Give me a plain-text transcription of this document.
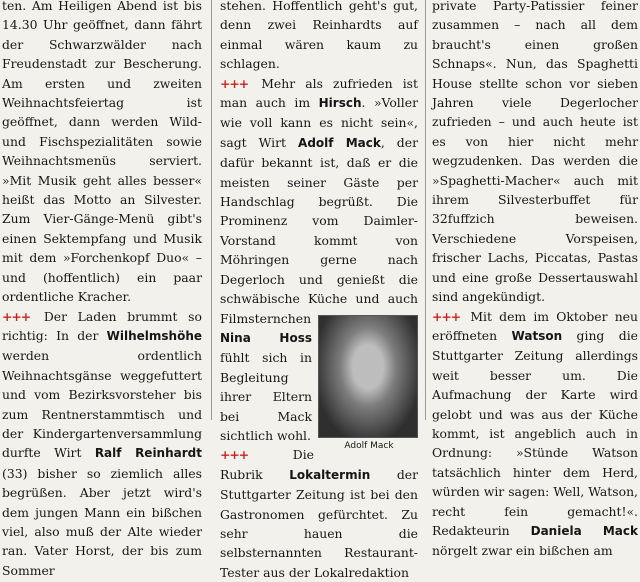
ten. Am Heiligen Abend ist bis 14.30 Uhr geöffnet, dann fährt der Schwarzwälder nach Freudenstadt zur Bescherung. Am ersten und zweiten Weihnachtsfeiertag ist geöffnet, dann werden Wild- und Fischspezialitäten sowie Weihnachtsmenüs serviert. »Mit Musik geht alles besser« heißt das Motto an Silvester. Zum Vier-Gänge-Menü gibt's einen Sektempfang und Musik mit dem »Forchenkopf Duo« – und (hoffentlich) ein paar ordentliche Kracher.

+++ Der Laden brummt so richtig: In der Wilhelmshöhe werden ordentlich Weihnachtsgänse weggefuttert und vom Bezirksvorsteher bis zum Rentnerstammtisch und der Kindergartenversammlung durfte Wirt Ralf Reinhardt (33) bisher so ziemlich alles begrüßen. Aber jetzt wird's dem jungen Mann ein bißchen viel, also muß der Alte wieder ran. Vater Horst, der bis zum Sommer

stehen. Hoffentlich geht's gut, denn zwei Reinhardts auf einmal wären kaum zu schlagen.

+++ Mehr als zufrieden ist man auch im Hirsch. »Voller wie voll kann es nicht sein«, sagt Wirt Adolf Mack, der dafür bekannt ist, daß er die meisten seiner Gäste per Handschlag begrüßt. Die Prominenz vom Daimler-Vorstand kommt von Möhringen gerne nach Degerloch und genießt die schwäbische Küche und auch Filmsternchen
Adolf Mack
Nina Hoss fühlt sich in Begleitung ihrer Eltern bei Mack sichtlich wohl.

+++	Die Rubrik Lokaltermin der Stuttgarter Zeitung ist bei den Gastronomen gefürchtet. Zu sehr hauen die selbsternannten Restaurant-Tester aus der Lokalredaktion

private Party-Patissier feiner zusammen – nach all dem braucht's einen großen Schnaps«. Nun, das Spaghetti House stellte schon vor sieben Jahren viele Degerlocher zufrieden – und auch heute ist es von hier nicht mehr wegzudenken. Das werden die »Spaghetti-Macher« auch mit ihrem Silvesterbuffet für 32fuffzich beweisen. Verschiedene Vorspeisen, frischer Lachs, Piccatas, Pastas und eine große Dessertauswahl sind angekündigt.

+++ Mit dem im Oktober neu eröffneten Watson ging die Stuttgarter Zeitung allerdings weit besser um. Die Aufmachung der Karte wird gelobt und was aus der Küche kommt, ist angeblich auch in Ordnung: »Stünde Watson tatsächlich hinter dem Herd, würden wir sagen: Well, Watson, recht fein gemacht!«. Redakteurin Daniela Mack nörgelt zwar ein bißchen am
